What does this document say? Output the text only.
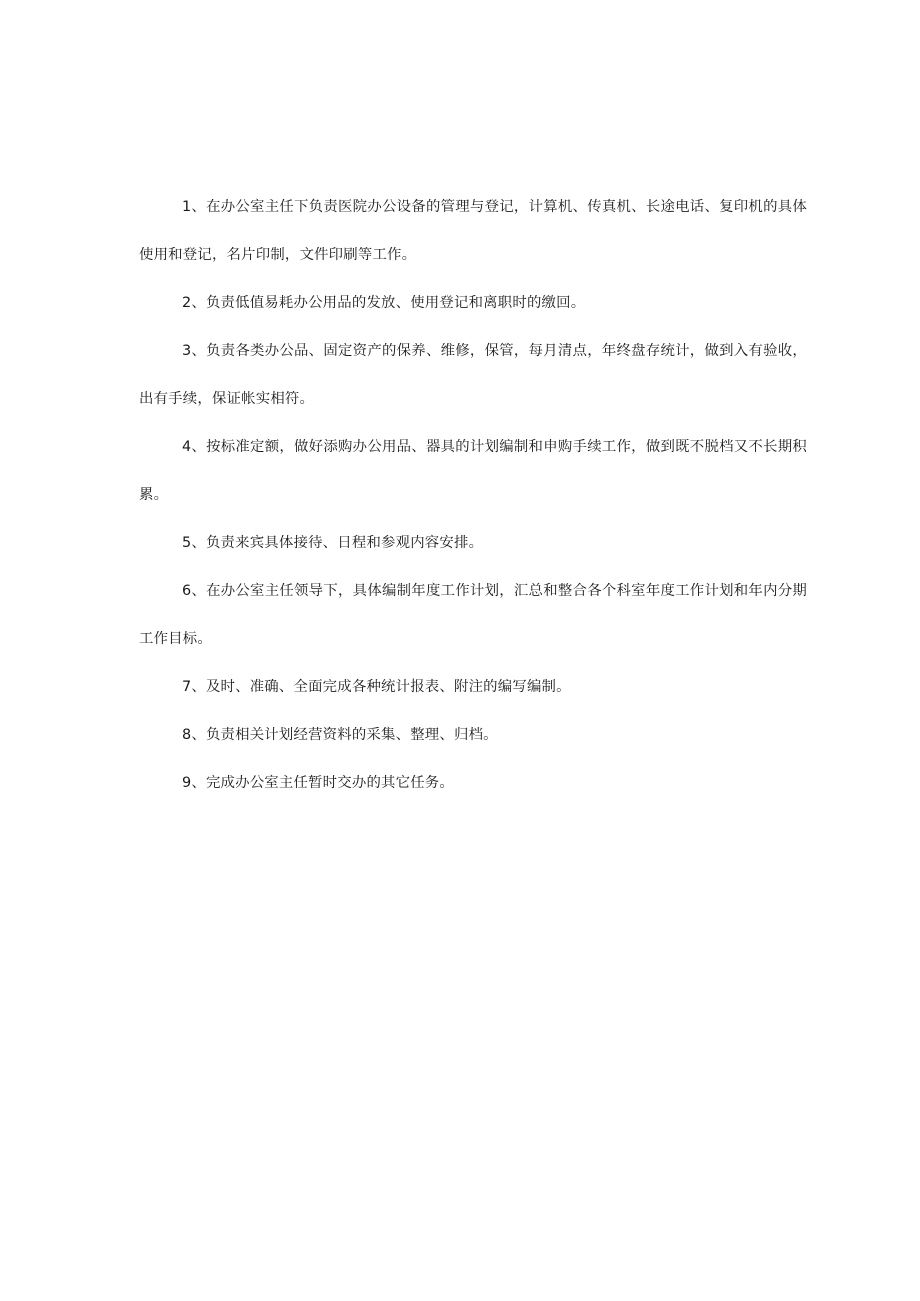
1、在办公室主任下负责医院办公设备的管理与登记，计算机、传真机、长途电话、复印机的具体使用和登记，名片印制，文件印刷等工作。

2、负责低值易耗办公用品的发放、使用登记和离职时的缴回。

3、负责各类办公品、固定资产的保养、维修，保管，每月清点，年终盘存统计，做到入有验收，出有手续，保证帐实相符。

4、按标准定额，做好添购办公用品、器具的计划编制和申购手续工作，做到既不脱档又不长期积累。

5、负责来宾具体接待、日程和参观内容安排。

6、在办公室主任领导下，具体编制年度工作计划，汇总和整合各个科室年度工作计划和年内分期工作目标。

7、及时、准确、全面完成各种统计报表、附注的编写编制。

8、负责相关计划经营资料的采集、整理、归档。

9、完成办公室主任暂时交办的其它任务。
